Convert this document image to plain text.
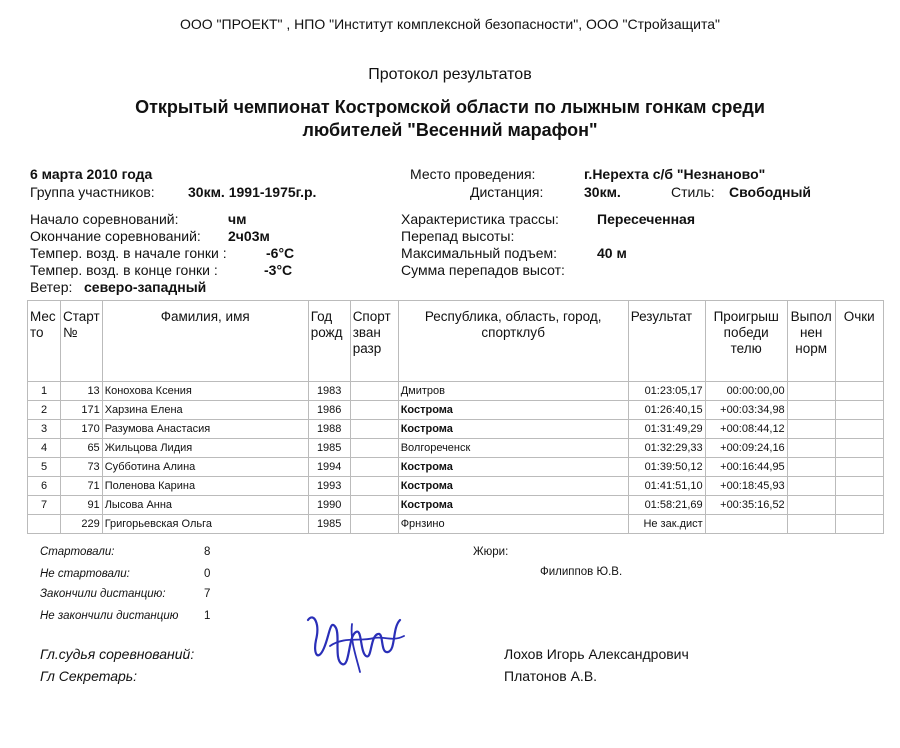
ООО "ПРОЕКТ" , НПО "Институт комплексной безопасности", ООО "Стройзащита"
Протокол результатов
Открытый чемпионат Костромской области по лыжным гонкам среди
любителей "Весенний марафон"
6 марта 2010 года
Группа участников: 30км. 1991-1975г.р.
Начало соревнований:	чм
Окончание соревнований: 2ч03м
Темпер. возд. в начале гонки :	-6°C
Темпер. возд. в конце гонки :	-3°C
Ветер: северо-западный
Место проведения:	г.Нерехта с/б "Незнаново"
Дистанция:	30км.	Стиль: Свободный
Характеристика трассы:	Пересеченная
Перепад высоты:
Максимальный подъем:	40 м
Сумма перепадов высот:
Мес то	Старт №	Фамилия, имя	Год рожд	Спорт зван разр	Республика, область, город, спортклуб	Результат	Проигрыш победи телю	Выпол нен норм	Очки
1	13	Конохова Ксения	1983		Дмитров	01:23:05,17	00:00:00,00		
2	171	Харзина Елена	1986		Кострома	01:26:40,15	+00:03:34,98		
3	170	Разумова Анастасия	1988		Кострома	01:31:49,29	+00:08:44,12		
4	65	Жильцова Лидия	1985		Волгореченск	01:32:29,33	+00:09:24,16		
5	73	Субботина Алина	1994		Кострома	01:39:50,12	+00:16:44,95		
6	71	Поленова Карина	1993		Кострома	01:41:51,10	+00:18:45,93		
7	91	Лысова Анна	1990		Кострома	01:58:21,69	+00:35:16,52		
	229	Григорьевская Ольга	1985		Фрнзино	Не зак.дист			
Стартовали:	8
Не стартовали:	0
Закончили дистанцию:	7
Не закончили дистанцию 1
Жюри:
Филиппов Ю.В.
Гл.судья соревнований:	Лохов Игорь Александрович
Гл Секретарь:	Платонов А.В.
